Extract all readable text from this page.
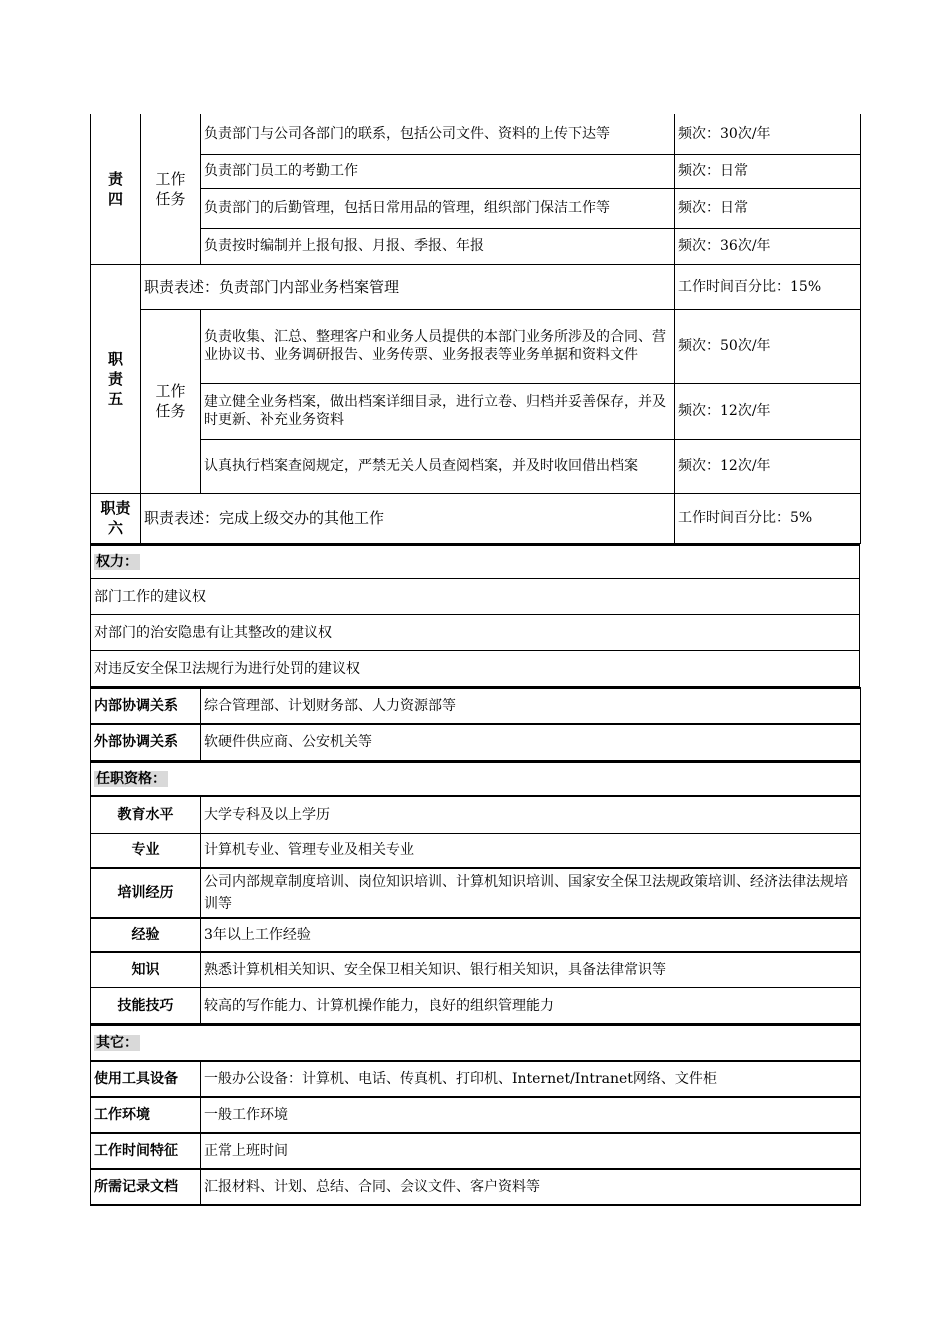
责四	工作任务	负责部门与公司各部门的联系，包括公司文件、资料的上传下达等	频次：30次/年
		负责部门员工的考勤工作	频次：日常
		负责部门的后勤管理，包括日常用品的管理，组织部门保洁工作等	频次：日常
		负责按时编制并上报旬报、月报、季报、年报	频次：36次/年
职责五	职责表述：负责部门内部业务档案管理		工作时间百分比：15%
	工作任务	负责收集、汇总、整理客户和业务人员提供的本部门业务所涉及的合同、营业协议书、业务调研报告、业务传票、业务报表等业务单据和资料文件	频次：50次/年
		建立健全业务档案，做出档案详细目录，进行立卷、归档并妥善保存，并及时更新、补充业务资料	频次：12次/年
		认真执行档案查阅规定，严禁无关人员查阅档案，并及时收回借出档案	频次：12次/年
职责六	职责表述：完成上级交办的其他工作		工作时间百分比：5%
权力：
部门工作的建议权
对部门的治安隐患有让其整改的建议权
对违反安全保卫法规行为进行处罚的建议权
内部协调关系	综合管理部、计划财务部、人力资源部等
外部协调关系	软硬件供应商、公安机关等
任职资格：	
教育水平	大学专科及以上学历
专业	计算机专业、管理专业及相关专业
培训经历	公司内部规章制度培训、岗位知识培训、计算机知识培训、国家安全保卫法规政策培训、经济法律法规培训等
经验	3年以上工作经验
知识	熟悉计算机相关知识、安全保卫相关知识、银行相关知识，具备法律常识等
技能技巧	较高的写作能力、计算机操作能力，良好的组织管理能力
其它：	
使用工具设备	一般办公设备：计算机、电话、传真机、打印机、Internet/Intranet网络、文件柜
工作环境	一般工作环境
工作时间特征	正常上班时间
所需记录文档	汇报材料、计划、总结、合同、会议文件、客户资料等
